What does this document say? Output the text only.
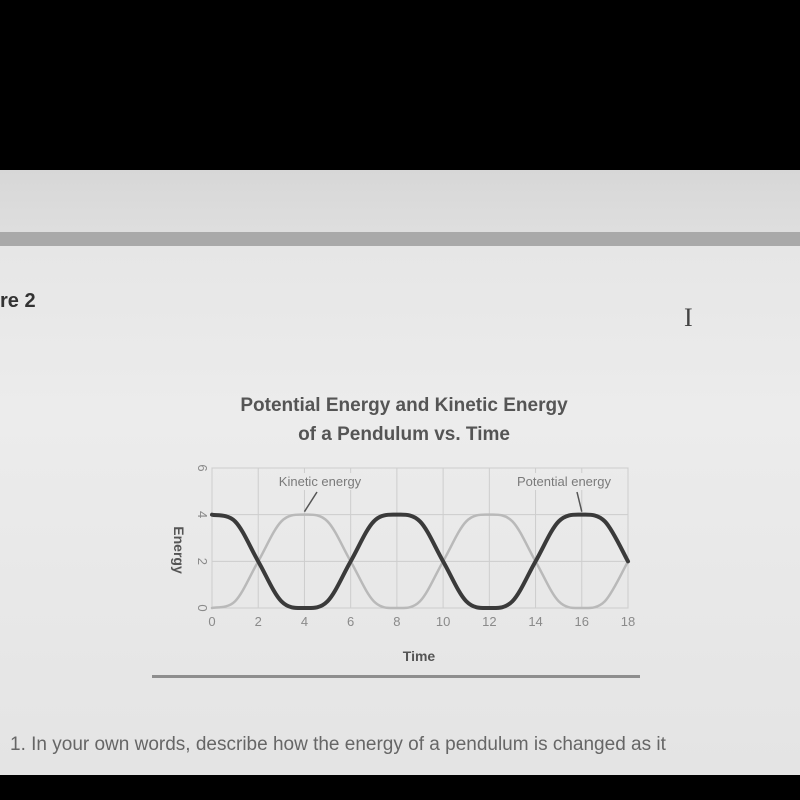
re 2
I
Potential Energy and Kinetic Energy
of a Pendulum vs. Time
0	2	4	6	8	10 12 14 16 18
0
2
4
6
Kinetic energy	Potential energy
Time
Energy
1. In your own words, describe how the energy of a pendulum is changed as it
